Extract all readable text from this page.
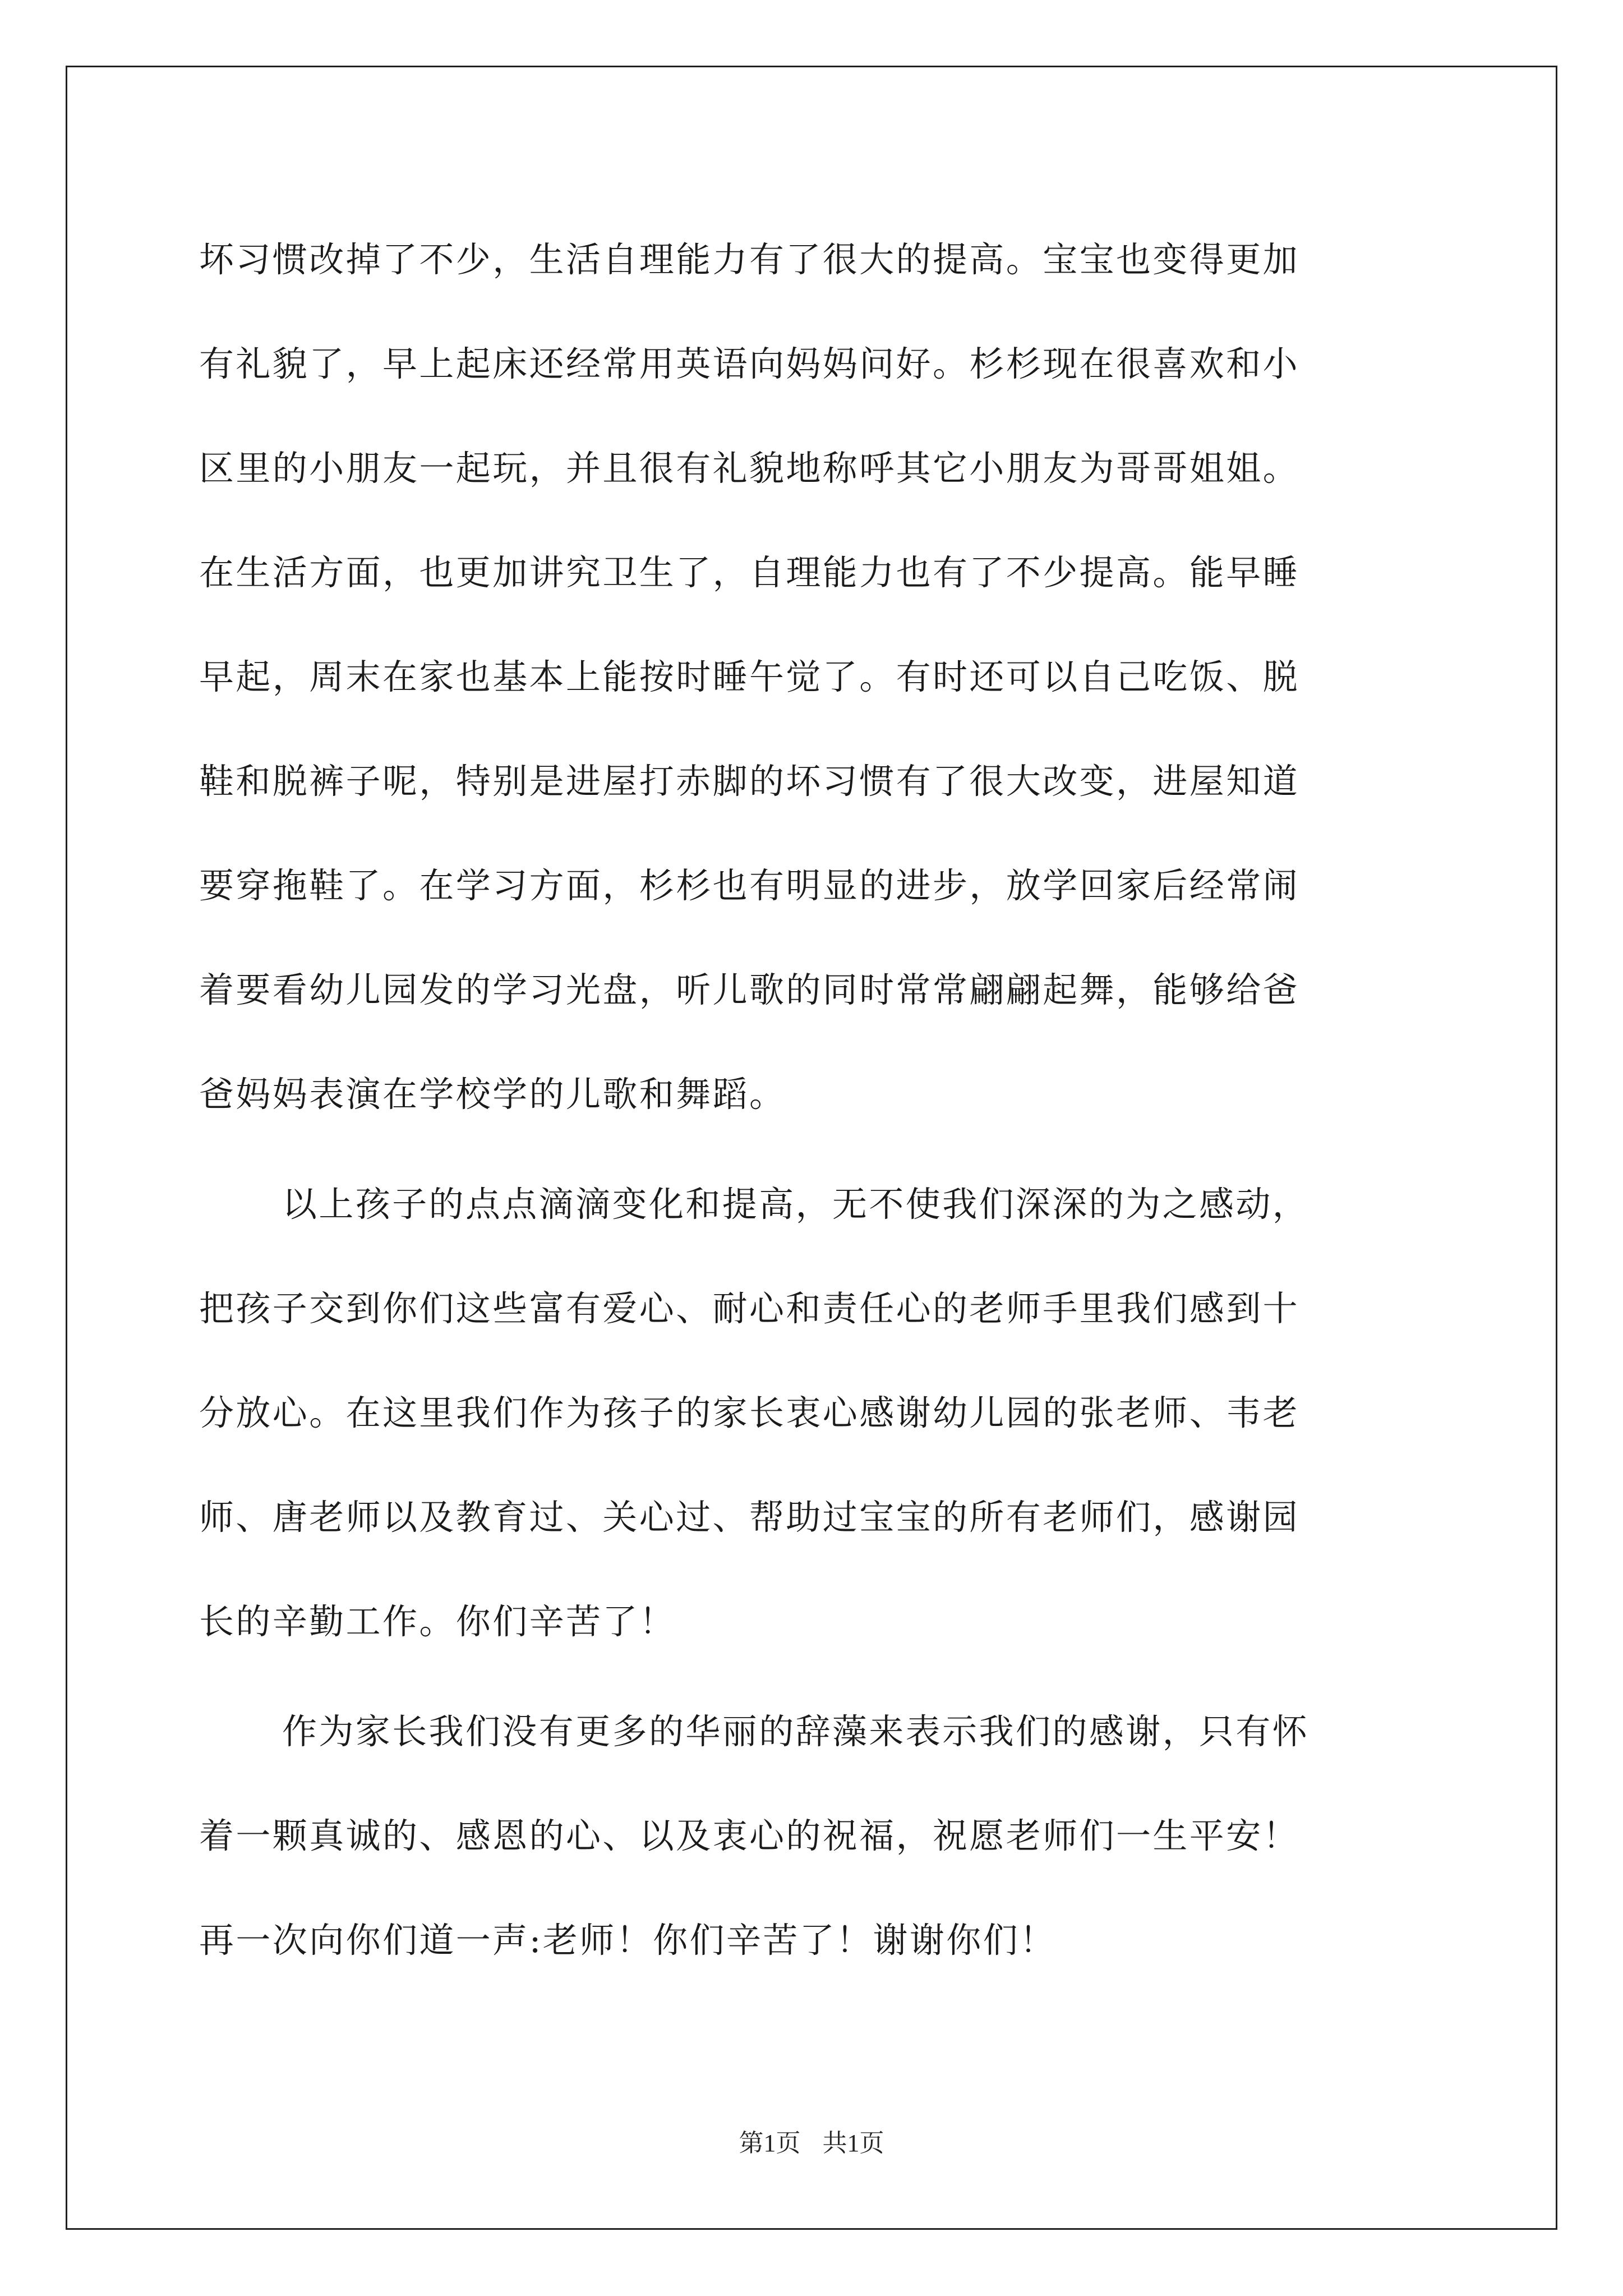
坏习惯改掉了不少，生活自理能力有了很大的提高。宝宝也变得更加
有礼貌了，早上起床还经常用英语向妈妈问好。杉杉现在很喜欢和小
区里的小朋友一起玩，并且很有礼貌地称呼其它小朋友为哥哥姐姐。
在生活方面，也更加讲究卫生了，自理能力也有了不少提高。能早睡
早起，周末在家也基本上能按时睡午觉了。有时还可以自己吃饭、脱
鞋和脱裤子呢，特别是进屋打赤脚的坏习惯有了很大改变，进屋知道
要穿拖鞋了。在学习方面，杉杉也有明显的进步，放学回家后经常闹
着要看幼儿园发的学习光盘，听儿歌的同时常常翩翩起舞，能够给爸
爸妈妈表演在学校学的儿歌和舞蹈。
以上孩子的点点滴滴变化和提高，无不使我们深深的为之感动，
把孩子交到你们这些富有爱心、耐心和责任心的老师手里我们感到十
分放心。在这里我们作为孩子的家长衷心感谢幼儿园的张老师、韦老
师、唐老师以及教育过、关心过、帮助过宝宝的所有老师们，感谢园
长的辛勤工作。你们辛苦了！
作为家长我们没有更多的华丽的辞藻来表示我们的感谢，只有怀
着一颗真诚的、感恩的心、以及衷心的祝福，祝愿老师们一生平安！
再一次向你们道一声:老师！你们辛苦了！谢谢你们！
第1页 共1页
